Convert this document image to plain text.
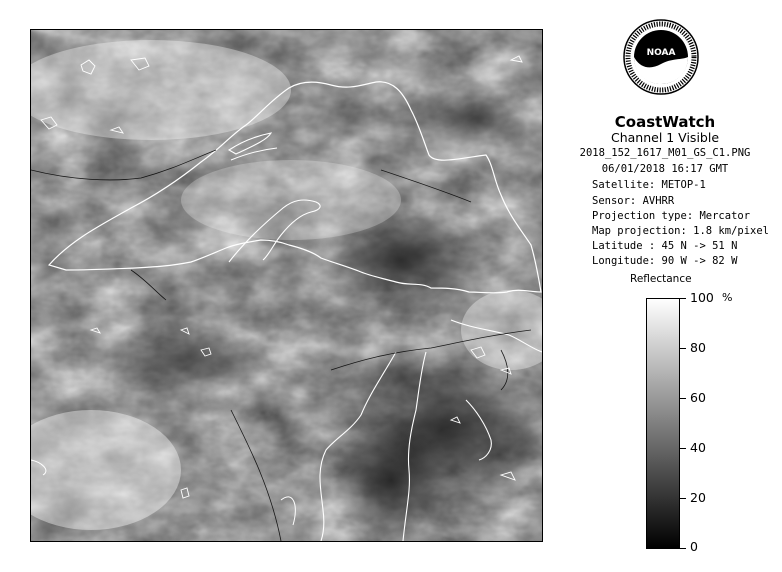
NOAA
CoastWatch
Channel 1 Visible
2018_152_1617_M01_GS_C1.PNG
06/01/2018 16:17 GMT
Satellite: METOP-1
Sensor: AVHRR
Projection type: Mercator
Map projection: 1.8 km/pixel
Latitude : 45 N -> 51 N
Longitude: 90 W -> 82 W
Reflectance
%
100
80
60
40
20
0
